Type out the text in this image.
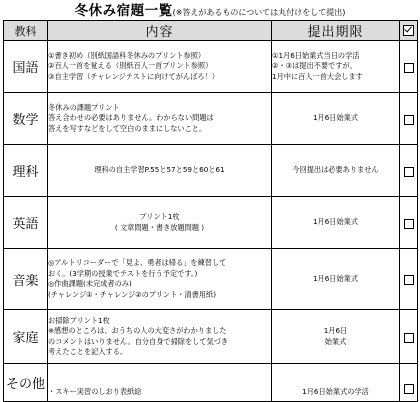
冬休み宿題一覧(※答えがあるものについては丸付けをして提出)
教科	内容	提出期限	
国語	①書き初め（別紙国語科冬休みのプリント参照）
②百人一首を覚える（別紙百人一首プリント参照）
③自主学習（チャレンジテストに向けてがんばろ！）	①1月6日始業式当日の学活
②・③は提出不要ですが、
1月中に百人一首大会します	

数学	冬休みの課題プリント
答え合わせの必要はありません。わからない問題は
答えを写すなどをして空白のままにしないこと。	1月6日始業式	

理科	理科の自主学習P.55と57と59と60と61	今回提出は必要ありません	

英語	プリント1枚
( 文章問題・書き放題問題 )	1月6日始業式	

音楽	◎アルトリコーダーで「見よ、勇者は帰る」を練習して
おく。(3学期の授業でテストを行う予定です。)
◎作曲課題(未完成者のみ)
(チャレンジ①・チャレンジ②のプリント・清書用紙)	1月6日始業式	

家庭	お掃除プリント1枚
※感想のところは、おうちの人の大変さがわかりました
のコメントはいりません。自分自身で掃除をして気づき
考えたことを記入する。	1月6日
始業式	

その他	・スキー実習のしおり表紙絵	1月6日始業式の学活	
